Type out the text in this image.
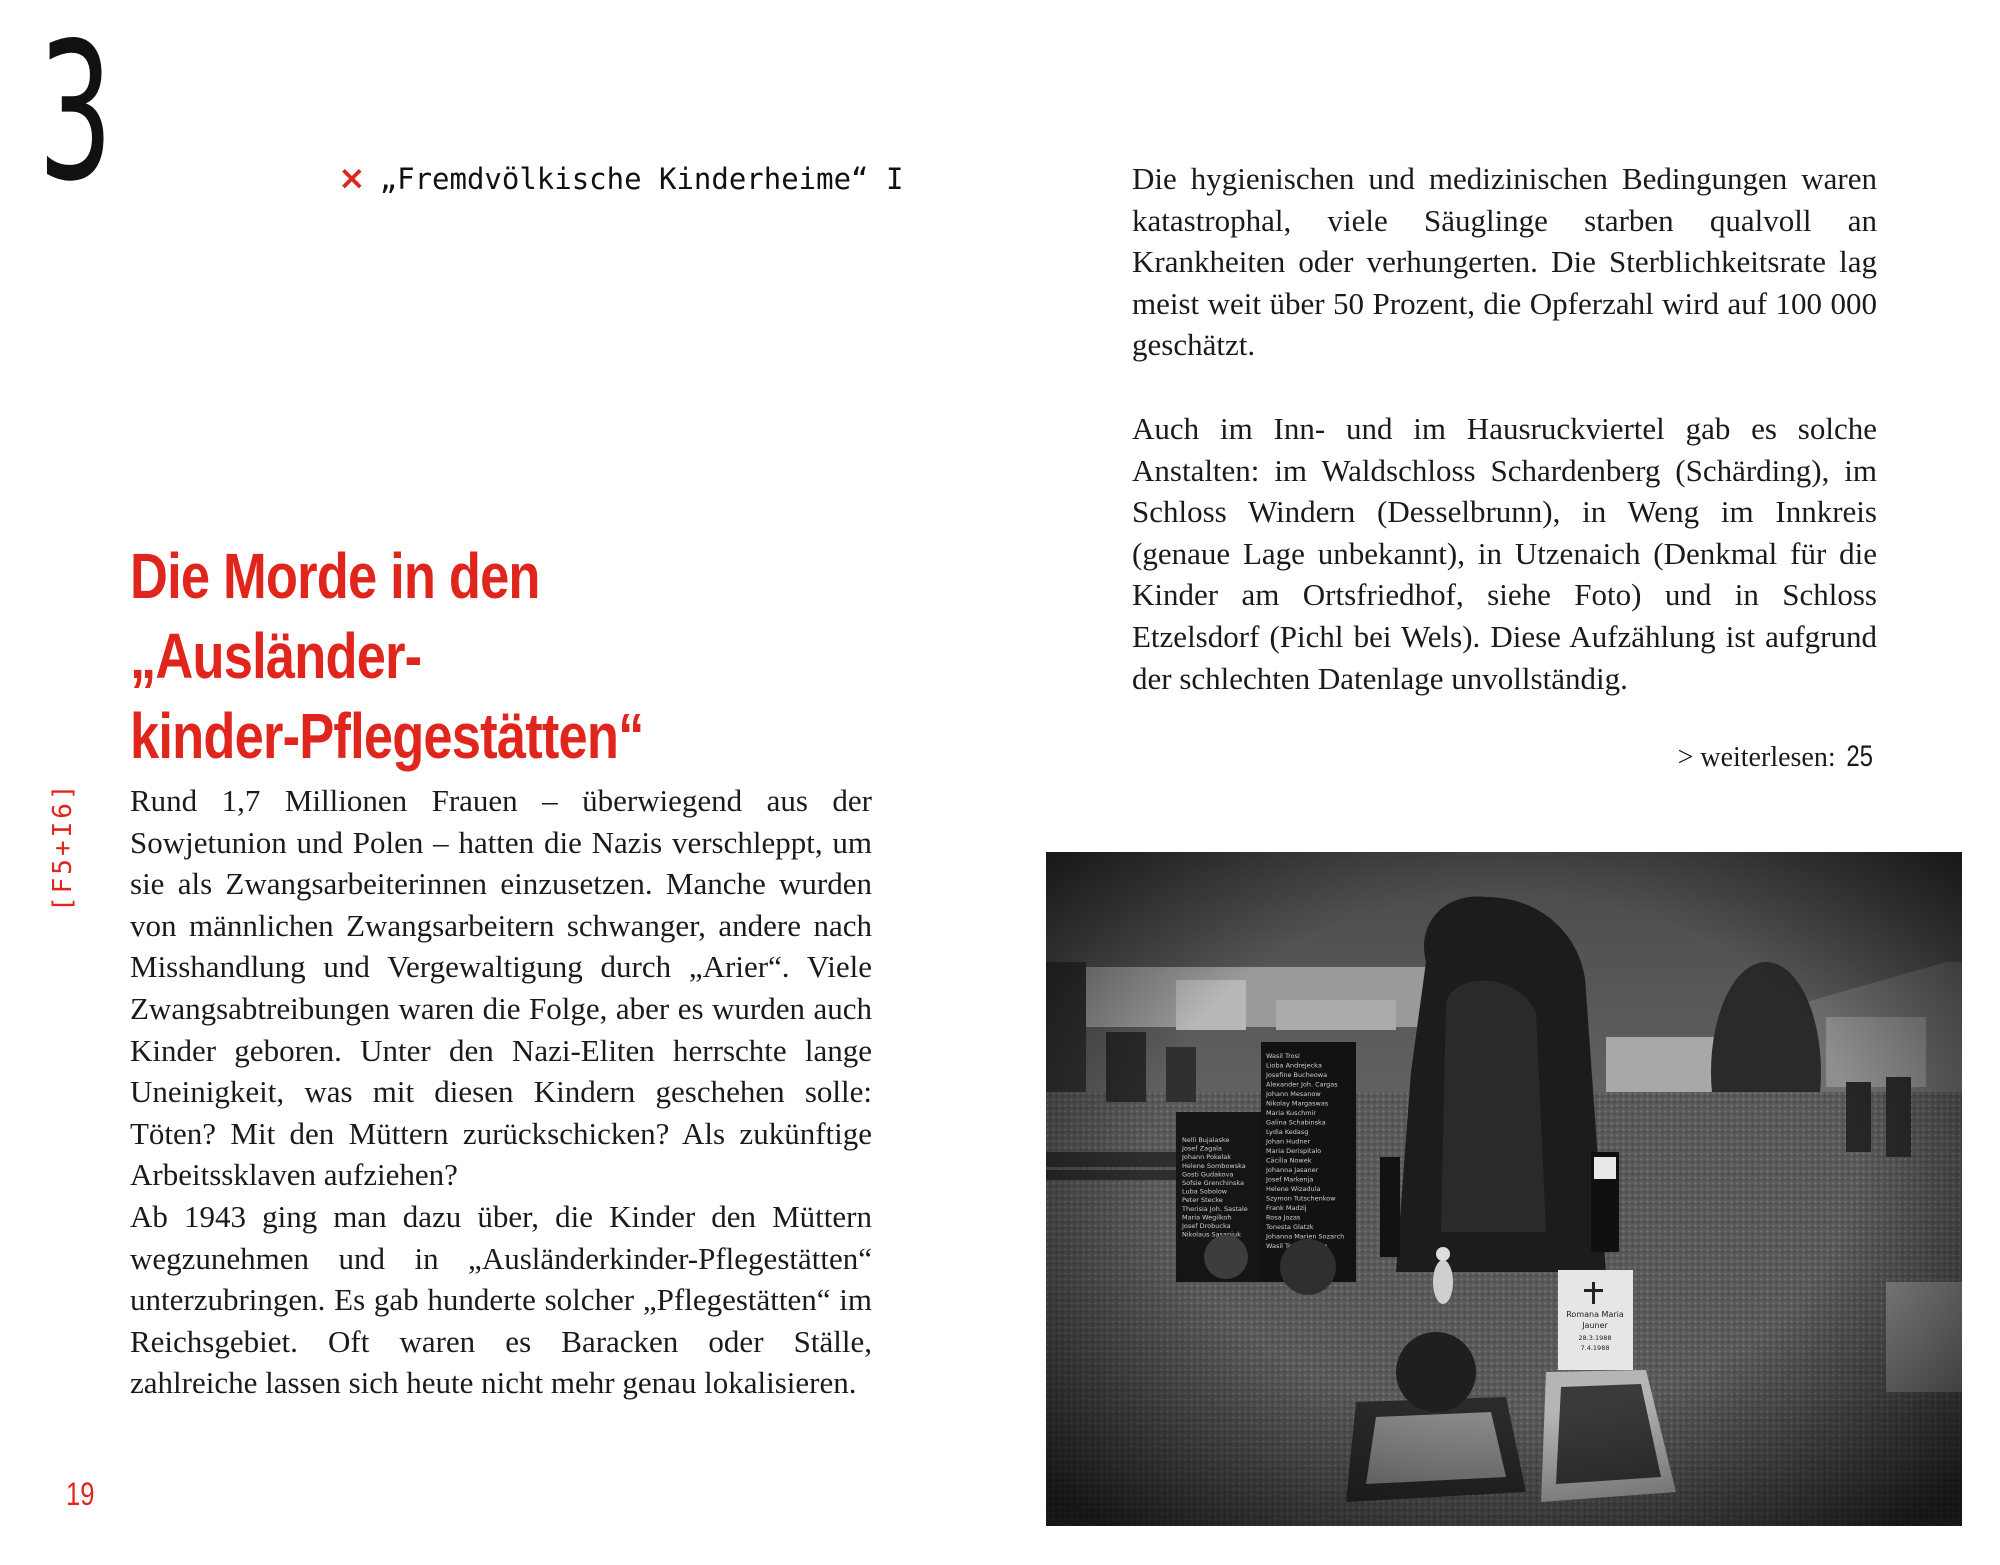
3	× „Fremdvölkische Kinderheime“ I
Die Morde in den „Ausländer-
kinder-Pflegestätten“
[F5+I6] Rund 1,7 Millionen Frauen – überwiegend aus der Sowjetunion und Polen – hatten die Nazis verschleppt, um sie als Zwangsarbeiterinnen einzusetzen. Manche wurden von männlichen Zwangsarbeitern schwanger, andere nach Misshandlung und Vergewaltigung durch „Arier“. Viele Zwangsabtreibungen waren die Folge, aber es wurden auch Kinder geboren. Unter den Nazi-Eliten herrschte lange Uneinigkeit, was mit diesen Kindern geschehen solle: Töten? Mit den Müttern zurückschicken? Als zukünftige Arbeitssklaven aufziehen?

Ab 1943 ging man dazu über, die Kinder den Müttern wegzunehmen und in „Ausländerkinder-Pflegestätten“ unterzubringen. Es gab hunderte solcher „Pflegestätten“ im Reichsgebiet. Oft waren es Baracken oder Ställe, zahlreiche lassen sich heute nicht mehr genau lokalisieren.

Die hygienischen und medizinischen Bedingungen waren katastrophal, viele Säuglinge starben qualvoll an Krankheiten oder verhungerten. Die Sterblichkeitsrate lag meist weit über 50 Prozent, die Opferzahl wird auf 100 000 geschätzt.

Auch im Inn- und im Hausruckviertel gab es solche Anstalten: im Waldschloss Schardenberg (Schärding), im Schloss Windern (Desselbrunn), in Weng im Innkreis (genaue Lage unbekannt), in Utzenaich (Denkmal für die Kinder am Ortsfriedhof, siehe Foto) und in Schloss Etzelsdorf (Pichl bei Wels). Diese Aufzählung ist aufgrund der schlechten Datenlage unvollständig.

> weiterlesen: 25
19
